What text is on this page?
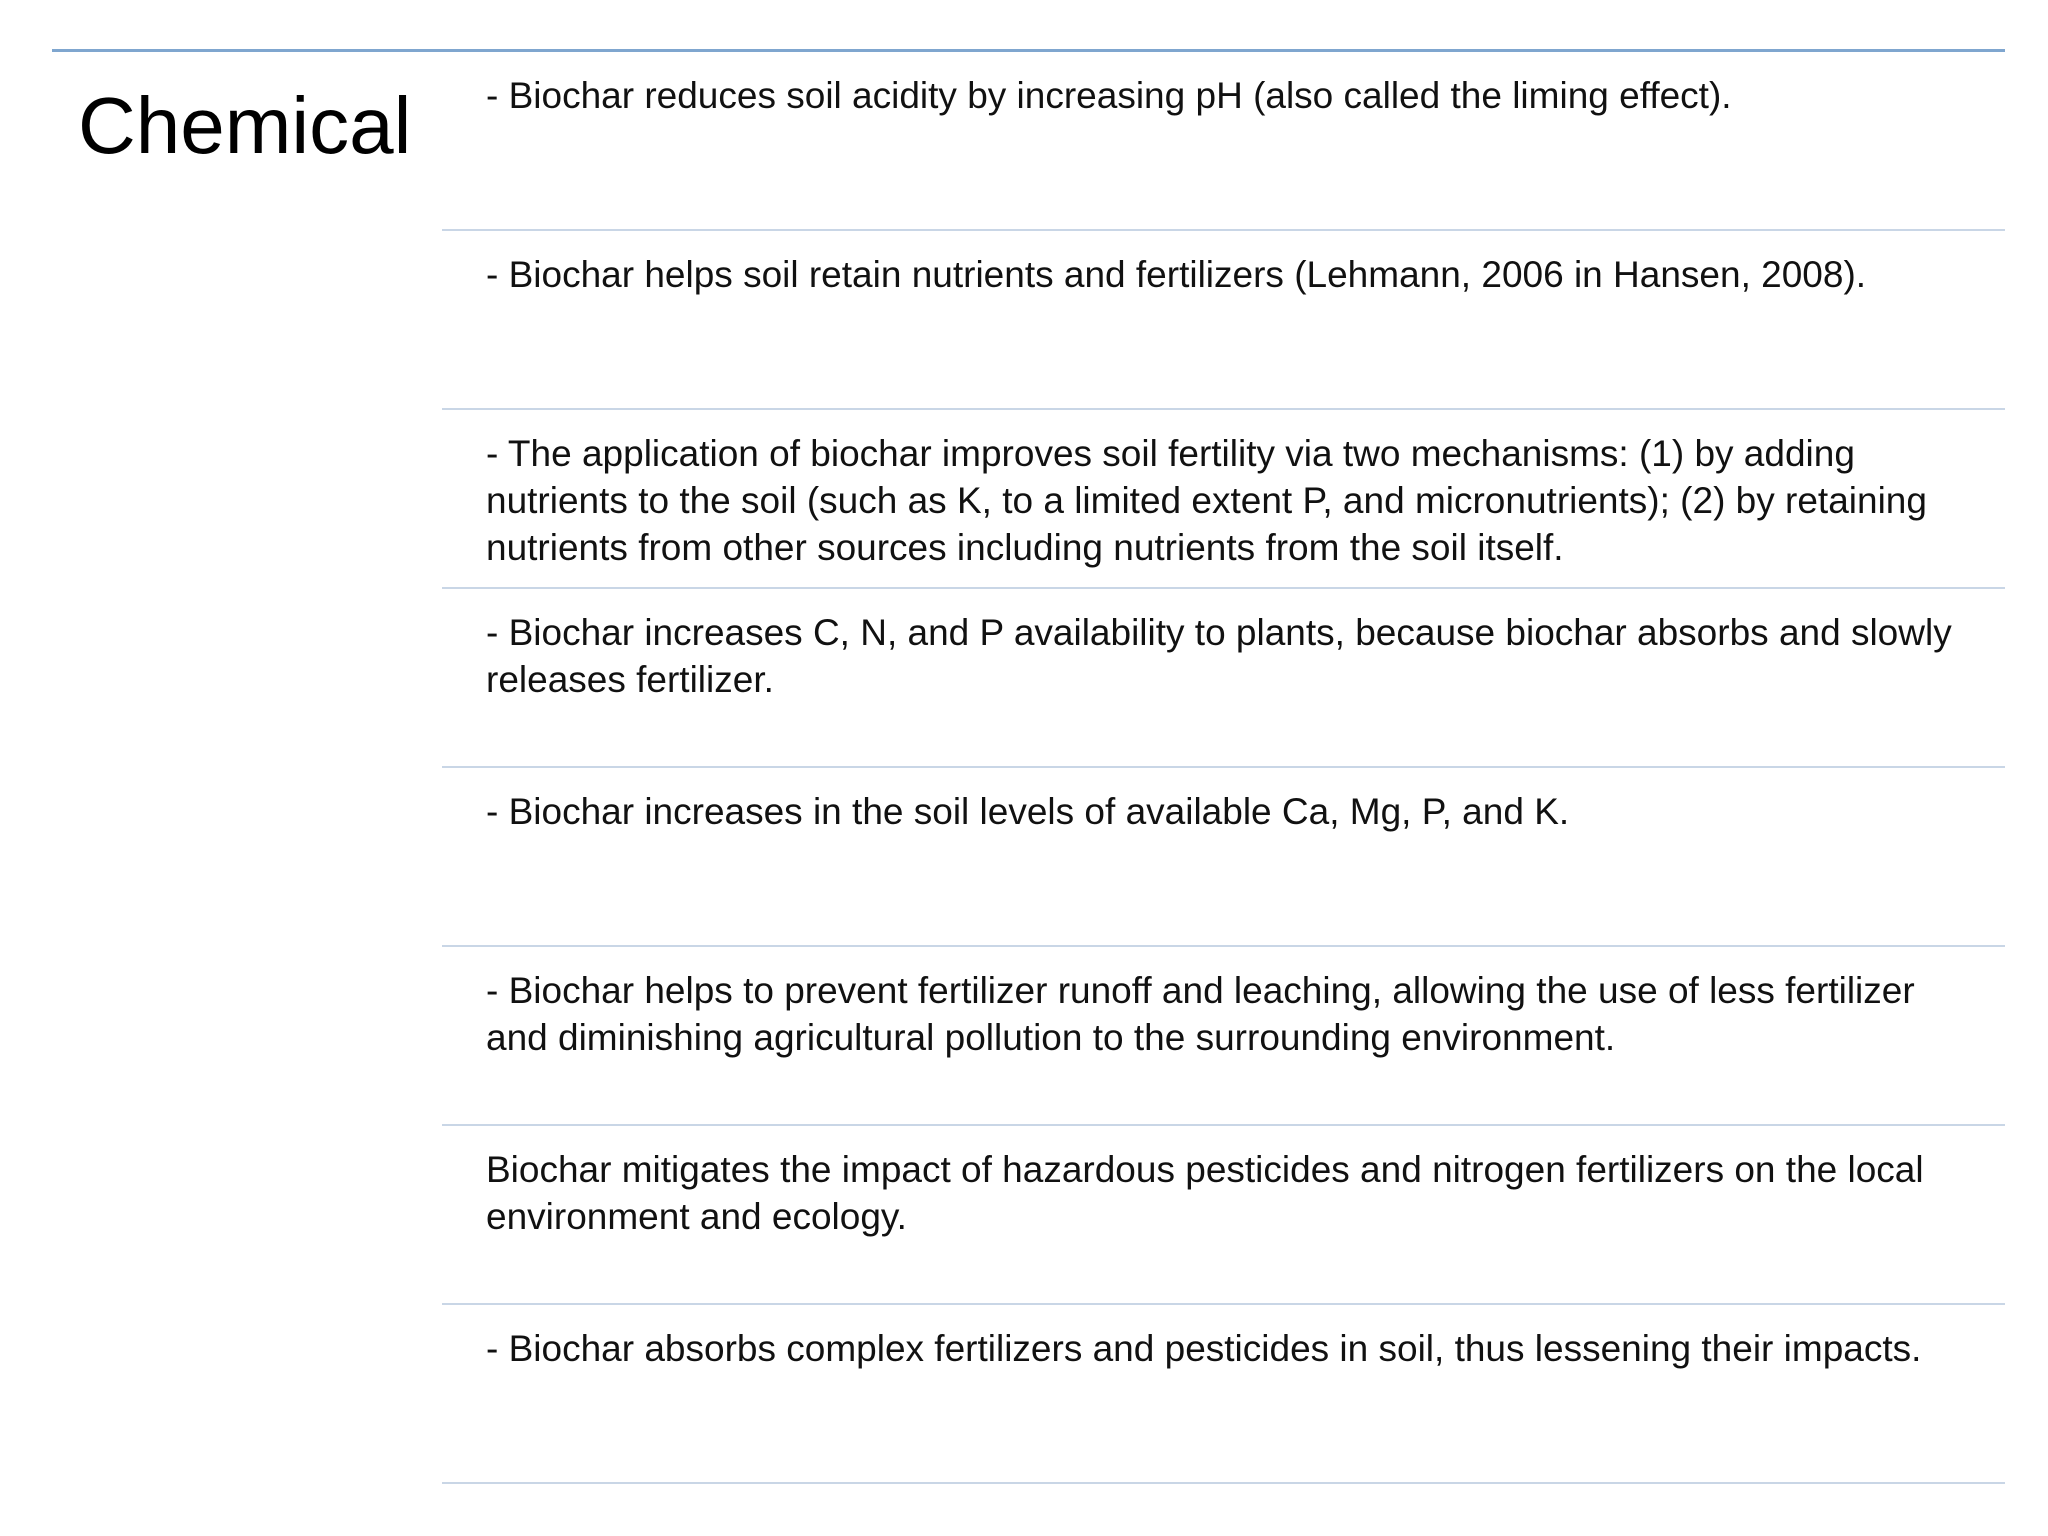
Chemical - Biochar reduces soil acidity by increasing pH (also called the liming effect).

- Biochar helps soil retain nutrients and fertilizers (Lehmann, 2006 in Hansen, 2008).

- The application of biochar improves soil fertility via two mechanisms: (1) by adding nutrients to the soil (such as K, to a limited extent P, and micronutrients); (2) by retaining nutrients from other sources including nutrients from the soil itself.

- Biochar increases C, N, and P availability to plants, because biochar absorbs and slowly releases fertilizer.

- Biochar increases in the soil levels of available Ca, Mg, P, and K.

- Biochar helps to prevent fertilizer runoff and leaching, allowing the use of less fertilizer and diminishing agricultural pollution to the surrounding environment.

Biochar mitigates the impact of hazardous pesticides and nitrogen fertilizers on the local environment and ecology.

- Biochar absorbs complex fertilizers and pesticides in soil, thus lessening their impacts.
